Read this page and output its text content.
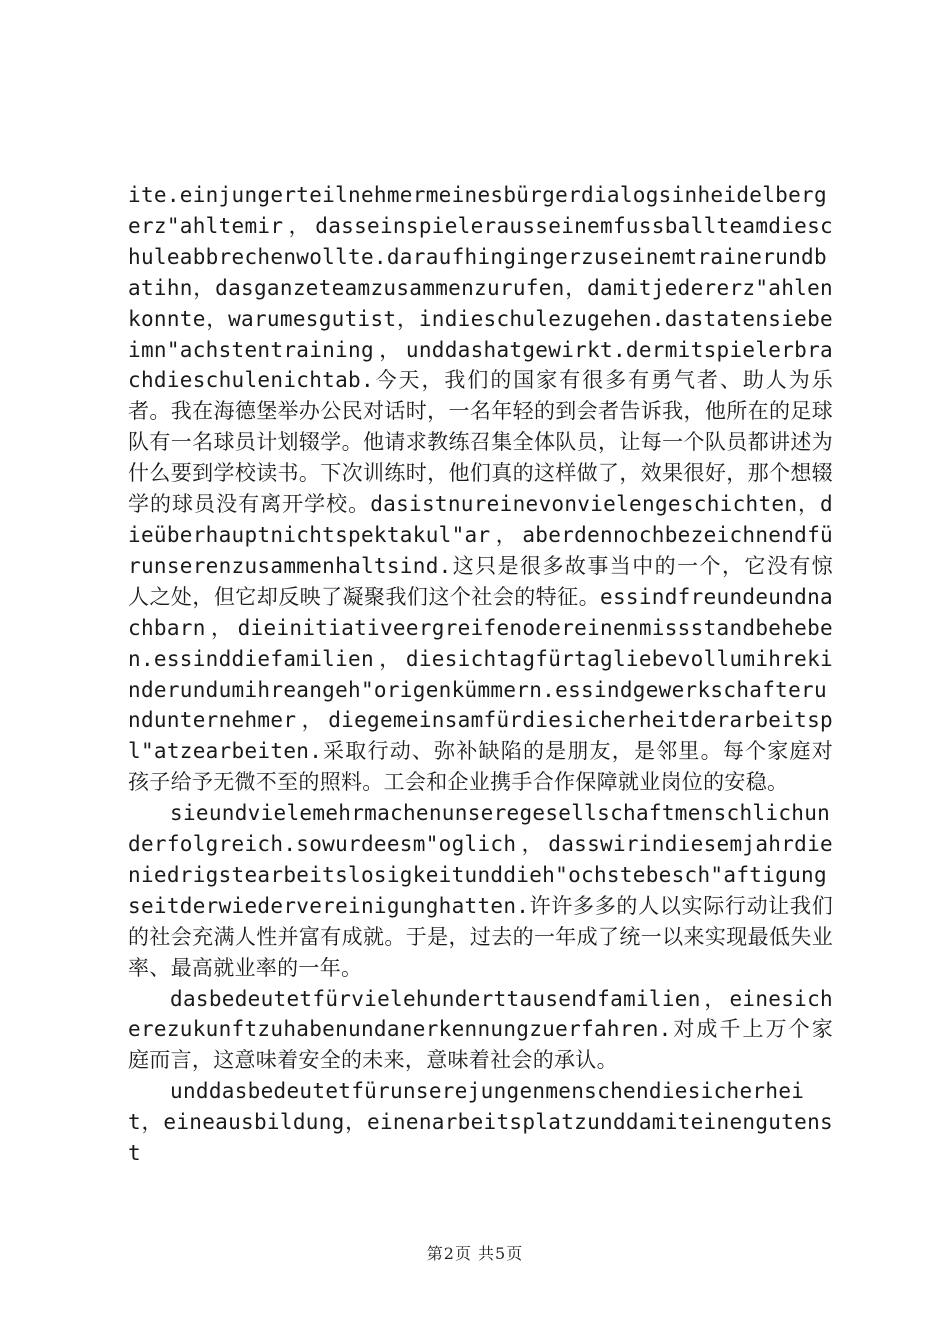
ite.einjungerteilnehmermeinesbürgerdialogsinheidelbergerz"ahltemir，dasseinspielerausseinemfussballteamdieschuleabbrechenwollte.daraufhingingerzuseinemtrainerundbatihn，dasganzeteamzusammenzurufen，damitjedererz"ahlenkonnte，warumesgutist，indieschulezugehen.dastatensiebeimn"achstentraining，unddashatgewirkt.dermitspielerbrachdieschulenichtab.今天，我们的国家有很多有勇气者、助人为乐者。我在海德堡举办公民对话时，一名年轻的到会者告诉我，他所在的足球队有一名球员计划辍学。他请求教练召集全体队员，让每一个队员都讲述为什么要到学校读书。下次训练时，他们真的这样做了，效果很好，那个想辍学的球员没有离开学校。dasistnureinevonvielengeschichten，dieüberhauptnichtspektakul"ar，aberdennochbezeichnendfürunserenzusammenhaltsind.这只是很多故事当中的一个，它没有惊人之处，但它却反映了凝聚我们这个社会的特征。essindfreundeundnachbarn，dieinitiativeergreifenodereinenmissstandbeheben.essinddiefamilien，diesichtagfürtagliebevollumihrekinderundumihreangeh"origenkümmern.essindgewerkschafterundunternehmer，diegemeinsamfürdiesicherheitderarbeitspl"atzearbeiten.采取行动、弥补缺陷的是朋友，是邻里。每个家庭对孩子给予无微不至的照料。工会和企业携手合作保障就业岗位的安稳。

sieundvielemehrmachenunseregesellschaftmenschlichunderfolgreich.sowurdeesm"oglich，dasswirindiesemjahrdieniedrigstearbeitslosigkeitunddieh"ochstebesch"aftigungseitderwiedervereinigunghatten.许许多多的人以实际行动让我们的社会充满人性并富有成就。于是，过去的一年成了统一以来实现最低失业率、最高就业率的一年。

dasbedeutetfürvielehunderttausendfamilien，einesicherezukunftzuhabenundanerkennungzuerfahren.对成千上万个家庭而言，这意味着安全的未来，意味着社会的承认。

unddasbedeutetfürunserejungenmenschendiesicherheit，eineausbildung，einenarbeitsplatzunddamiteinengutenst

第2页 共5页
